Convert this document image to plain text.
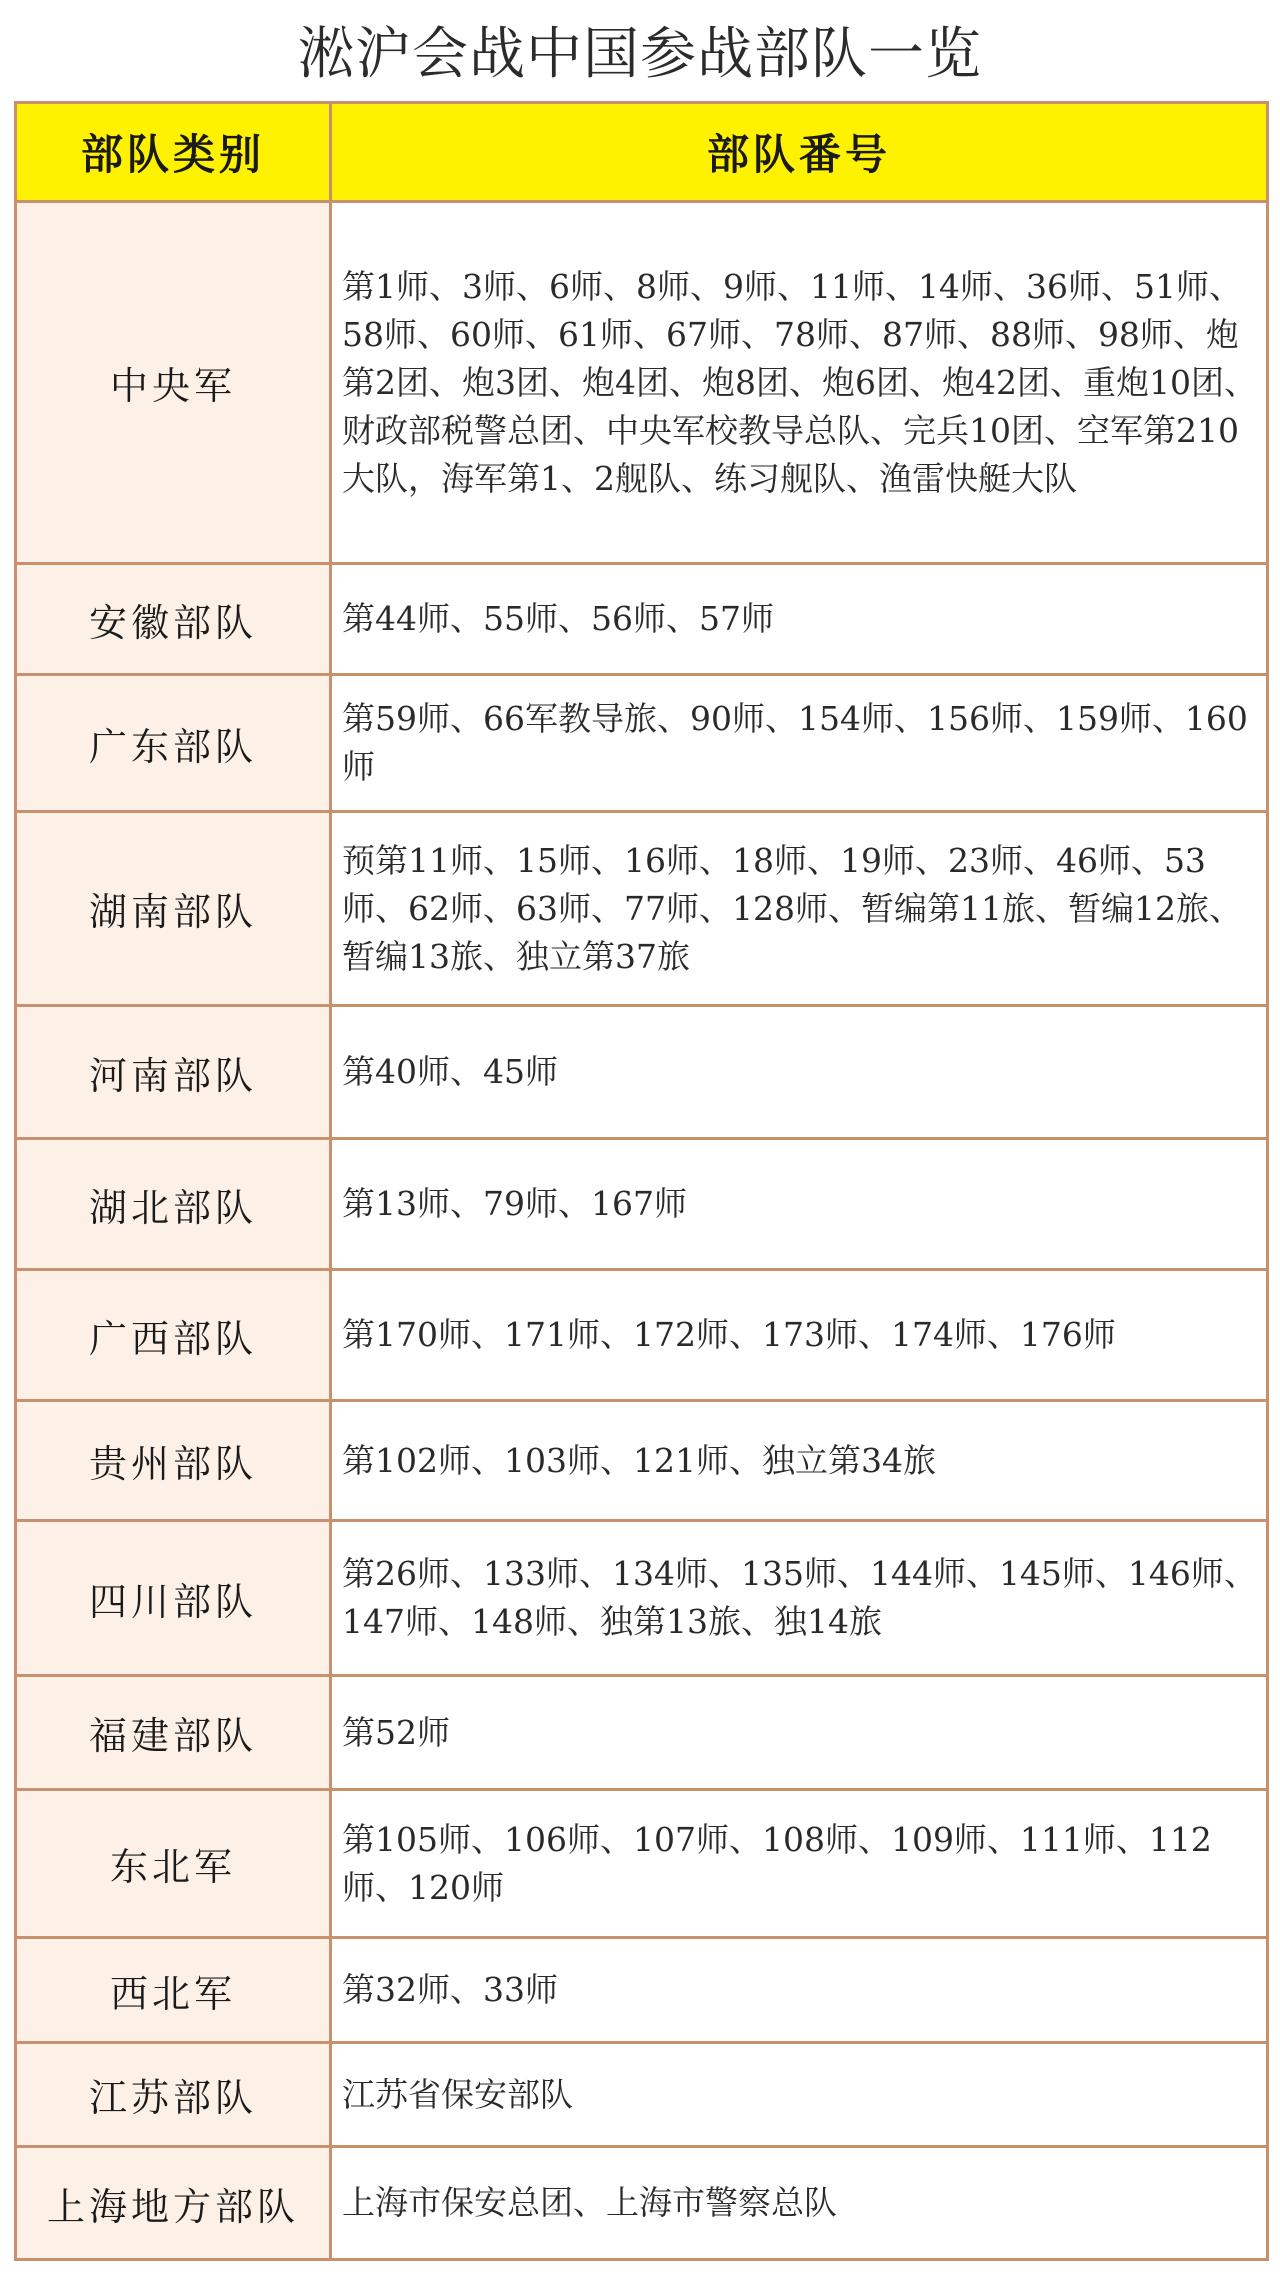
淞沪会战中国参战部队一览
部队类别	部队番号
中央军	第1师、3师、6师、8师、9师、11师、14师、36师、51师、58师、60师、61师、67师、78师、87师、88师、98师、炮第2团、炮3团、炮4团、炮8团、炮6团、炮42团、重炮10团、财政部税警总团、中央军校教导总队、完兵10团、空军第210大队，海军第1、2舰队、练习舰队、渔雷快艇大队
安徽部队	第44师、55师、56师、57师
广东部队	第59师、66军教导旅、90师、154师、156师、159师、160师
湖南部队	预第11师、15师、16师、18师、19师、23师、46师、53师、62师、63师、77师、128师、暂编第11旅、暂编12旅、暂编13旅、独立第37旅
河南部队	第40师、45师
湖北部队	第13师、79师、167师
广西部队	第170师、171师、172师、173师、174师、176师
贵州部队	第102师、103师、121师、独立第34旅
四川部队	第26师、133师、134师、135师、144师、145师、146师、147师、148师、独第13旅、独14旅
福建部队	第52师
东北军	第105师、106师、107师、108师、109师、111师、112师、120师
西北军	第32师、33师
江苏部队	江苏省保安部队
上海地方部队	上海市保安总团、上海市警察总队
